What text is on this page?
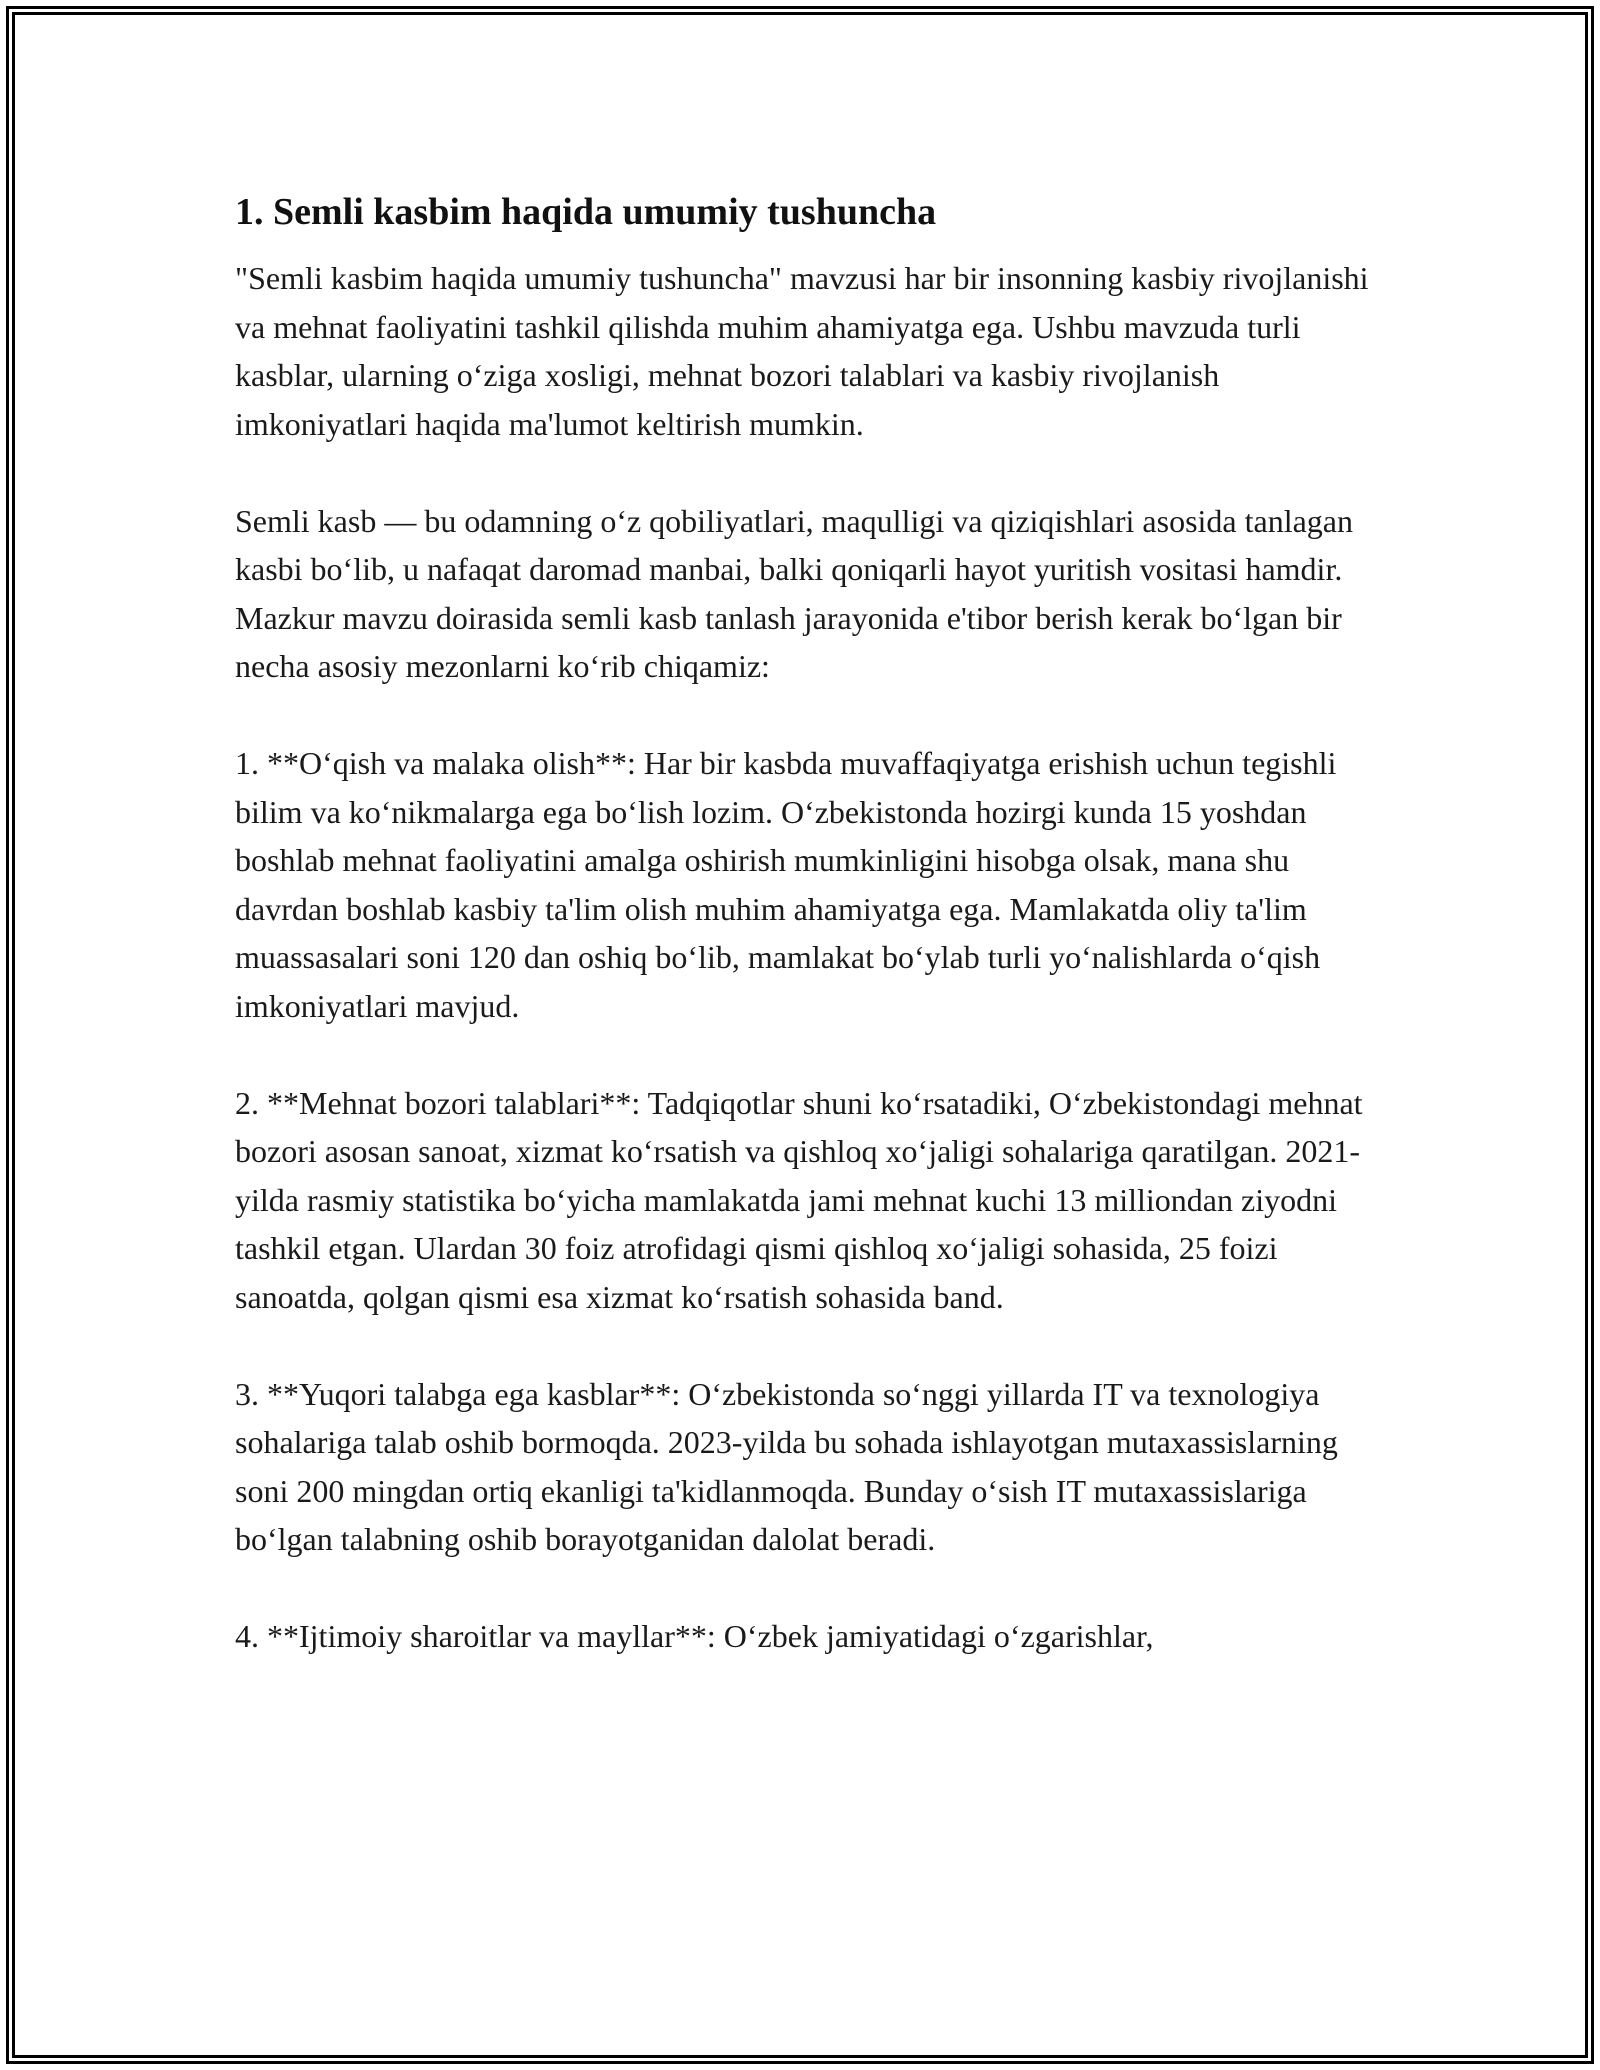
1. Semli kasbim haqida umumiy tushuncha

"Semli kasbim haqida umumiy tushuncha" mavzusi har bir insonning kasbiy rivojlanishi va mehnat faoliyatini tashkil qilishda muhim ahamiyatga ega. Ushbu mavzuda turli kasblar, ularning o‘ziga xosligi, mehnat bozori talablari va kasbiy rivojlanish imkoniyatlari haqida ma'lumot keltirish mumkin.

Semli kasb — bu odamning o‘z qobiliyatlari, maqulligi va qiziqishlari asosida tanlagan kasbi bo‘lib, u nafaqat daromad manbai, balki qoniqarli hayot yuritish vositasi hamdir. Mazkur mavzu doirasida semli kasb tanlash jarayonida e'tibor berish kerak bo‘lgan bir necha asosiy mezonlarni ko‘rib chiqamiz:

1. **O‘qish va malaka olish**: Har bir kasbda muvaffaqiyatga erishish uchun tegishli bilim va ko‘nikmalarga ega bo‘lish lozim. O‘zbekistonda hozirgi kunda 15 yoshdan boshlab mehnat faoliyatini amalga oshirish mumkinligini hisobga olsak, mana shu davrdan boshlab kasbiy ta'lim olish muhim ahamiyatga ega. Mamlakatda oliy ta'lim muassasalari soni 120 dan oshiq bo‘lib, mamlakat bo‘ylab turli yo‘nalishlarda o‘qish imkoniyatlari mavjud.

2. **Mehnat bozori talablari**: Tadqiqotlar shuni ko‘rsatadiki, O‘zbekistondagi mehnat bozori asosan sanoat, xizmat ko‘rsatish va qishloq xo‘jaligi sohalariga qaratilgan. 2021-yilda rasmiy statistika bo‘yicha mamlakatda jami mehnat kuchi 13 milliondan ziyodni tashkil etgan. Ulardan 30 foiz atrofidagi qismi qishloq xo‘jaligi sohasida, 25 foizi sanoatda, qolgan qismi esa xizmat ko‘rsatish sohasida band.

3. **Yuqori talabga ega kasblar**: O‘zbekistonda so‘nggi yillarda IT va texnologiya sohalariga talab oshib bormoqda. 2023-yilda bu sohada ishlayotgan mutaxassislarning soni 200 mingdan ortiq ekanligi ta'kidlanmoqda. Bunday o‘sish IT mutaxassislariga bo‘lgan talabning oshib borayotganidan dalolat beradi.

4. **Ijtimoiy sharoitlar va mayllar**: O‘zbek jamiyatidagi o‘zgarishlar,
